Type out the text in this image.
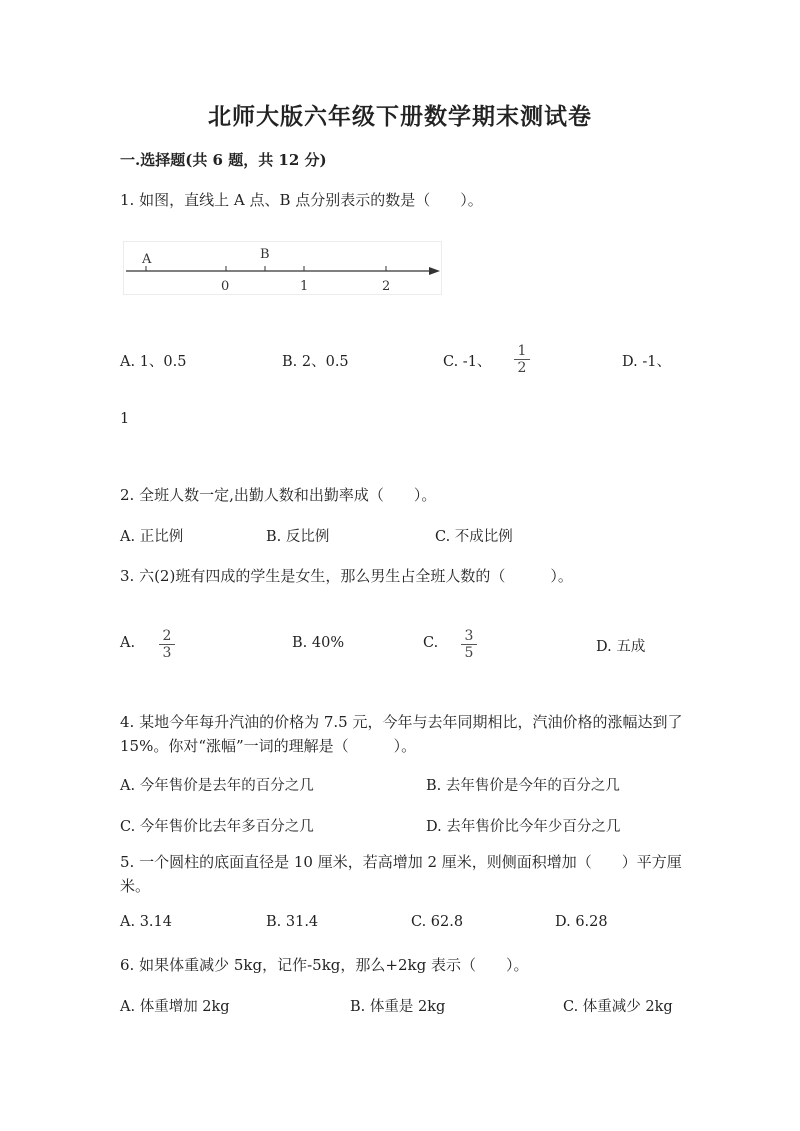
北师大版六年级下册数学期末测试卷
一.选择题(共 6 题，共 12 分)
1. 如图，直线上 A 点、B 点分别表示的数是（　　）。
A	B
0	1	2
A. 1、0.5	B. 2、0.5	C. -1、 $\frac{1}{2}$	D. -1、
1
2. 全班人数一定,出勤人数和出勤率成（　　）。
A. 正比例	B. 反比例	C. 不成比例
3. 六(2)班有四成的学生是女生，那么男生占全班人数的（　　　）。
A. $\frac{2}{3}$	B. 40%	C. $\frac{3}{5}$	D. 五成
4. 某地今年每升汽油的价格为 7.5 元，今年与去年同期相比，汽油价格的涨幅达到了 15%。你对“涨幅”一词的理解是（　　　）。
A. 今年售价是去年的百分之几	B. 去年售价是今年的百分之几
C. 今年售价比去年多百分之几	D. 去年售价比今年少百分之几
5. 一个圆柱的底面直径是 10 厘米，若高增加 2 厘米，则侧面积增加（　　）平方厘米。
A. 3.14	B. 31.4	C. 62.8	D. 6.28
6. 如果体重减少 5kg，记作-5kg，那么+2kg 表示（　　）。
A. 体重增加 2kg	B. 体重是 2kg	C. 体重减少 2kg
